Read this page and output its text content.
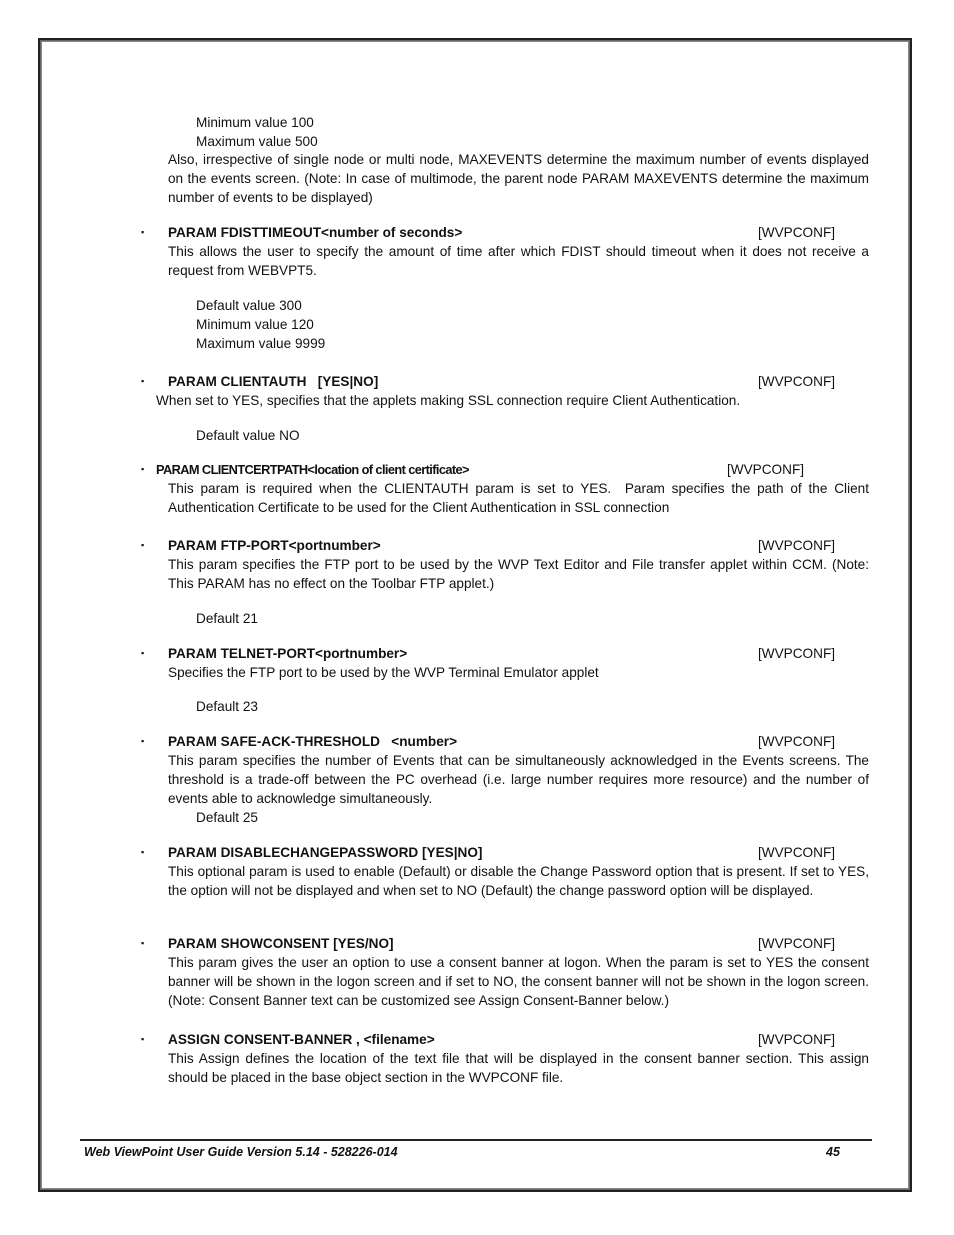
Minimum value 100
Maximum value 500
Also, irrespective of single node or multi node, MAXEVENTS determine the maximum number of events displayed on the events screen. (Note: In case of multimode, the parent node PARAM MAXEVENTS determine the maximum number of events to be displayed)
▪ PARAM FDISTTIMEOUT<number of seconds>	[WVPCONF]
This allows the user to specify the amount of time after which FDIST should timeout when it does not receive a request from WEBVPT5.
Default value 300
Minimum value 120
Maximum value 9999
▪ PARAM CLIENTAUTH   [YES|NO]	[WVPCONF]
When set to YES, specifies that the applets making SSL connection require Client Authentication.
Default value NO
▪ PARAM CLIENTCERTPATH<location of client certificate>	[WVPCONF]
This param is required when the CLIENTAUTH param is set to YES.  Param specifies the path of the Client Authentication Certificate to be used for the Client Authentication in SSL connection
▪ PARAM FTP-PORT<portnumber>	[WVPCONF]
This param specifies the FTP port to be used by the WVP Text Editor and File transfer applet within CCM. (Note: This PARAM has no effect on the Toolbar FTP applet.)
Default 21
▪ PARAM TELNET-PORT<portnumber>	[WVPCONF]
Specifies the FTP port to be used by the WVP Terminal Emulator applet
Default 23
▪ PARAM SAFE-ACK-THRESHOLD   <number>	[WVPCONF]
This param specifies the number of Events that can be simultaneously acknowledged in the Events screens. The threshold is a trade-off between the PC overhead (i.e. large number requires more resource) and the number of events able to acknowledge simultaneously.
Default 25
▪ PARAM DISABLECHANGEPASSWORD [YES|NO]	[WVPCONF]
This optional param is used to enable (Default) or disable the Change Password option that is present. If set to YES, the option will not be displayed and when set to NO (Default) the change password option will be displayed.
▪ PARAM SHOWCONSENT [YES/NO]	[WVPCONF]
This param gives the user an option to use a consent banner at logon. When the param is set to YES the consent banner will be shown in the logon screen and if set to NO, the consent banner will not be shown in the logon screen.  (Note: Consent Banner text can be customized see Assign Consent-Banner below.)
▪ ASSIGN CONSENT-BANNER , <filename>	[WVPCONF]
This Assign defines the location of the text file that will be displayed in the consent banner section. This assign should be placed in the base object section in the WVPCONF file.
Web ViewPoint User Guide Version 5.14 - 528226-014	45
